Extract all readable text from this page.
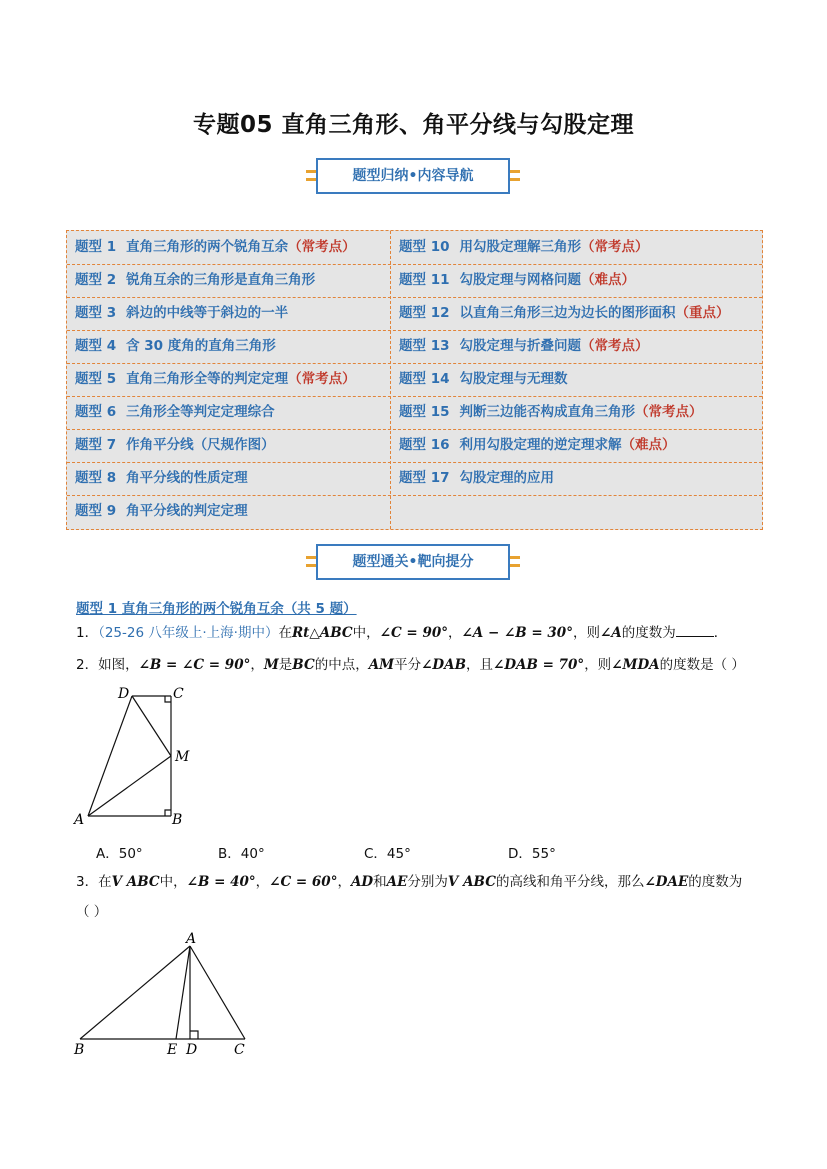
专题05 直角三角形、角平分线与勾股定理
题型归纳•内容导航
题型 1 直角三角形的两个锐角互余（常考点）	题型 10 用勾股定理解三角形（常考点）
题型 2 锐角互余的三角形是直角三角形	题型 11 勾股定理与网格问题（难点）
题型 3 斜边的中线等于斜边的一半	题型 12 以直角三角形三边为边长的图形面积（重点）
题型 4 含 30 度角的直角三角形	题型 13 勾股定理与折叠问题（常考点）
题型 5 直角三角形全等的判定定理（常考点）	题型 14 勾股定理与无理数
题型 6 三角形全等判定定理综合	题型 15 判断三边能否构成直角三角形（常考点）
题型 7 作角平分线（尺规作图）	题型 16 利用勾股定理的逆定理求解（难点）
题型 8 角平分线的性质定理	题型 17 勾股定理的应用
题型 9 角平分线的判定定理
题型通关•靶向提分
题型 1 直角三角形的两个锐角互余（共 5 题）
1．（25-26 八年级上·上海·期中）在Rt△ABC中，∠C = 90°，∠A − ∠B = 30°，则∠A的度数为	．
2．如图，∠B = ∠C = 90°，M是BC的中点，AM平分∠DAB，且∠DAB = 70°，则∠MDA的度数是（ ）
D	C
M
A	B
A．50°	B．40°	C．45°	D．55°
3．在V ABC中，∠B = 40°，∠C = 60°，AD和AE分别为V ABC的高线和角平分线，那么∠DAE的度数为
（ ）
A
B	E D	C
